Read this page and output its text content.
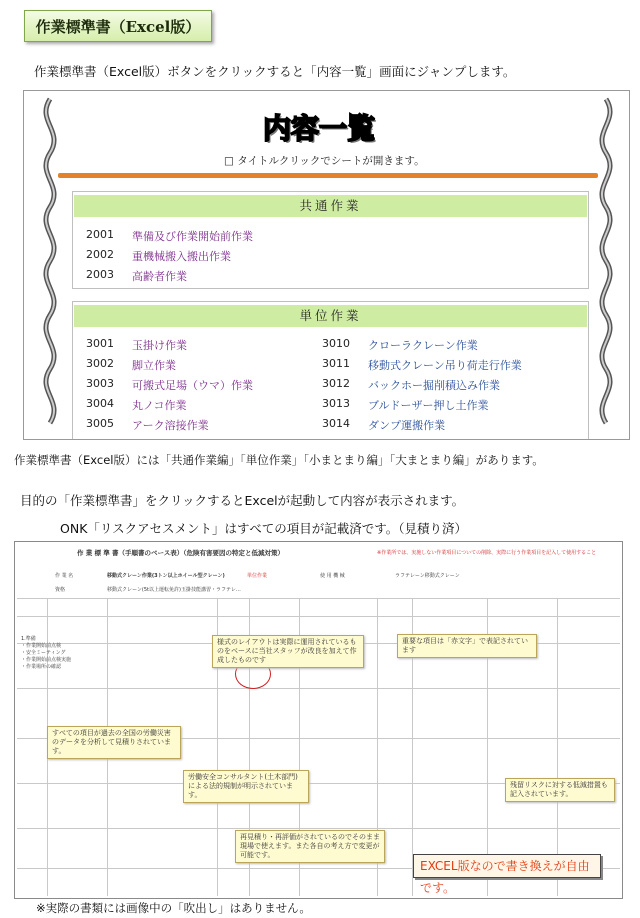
作業標準書（Excel版）
作業標準書（Excel版）ボタンをクリックすると「内容一覧」画面にジャンプします。
内容一覧
□ タイトルクリックでシートが開きます。
共通作業
2001	準備及び作業開始前作業
2002	重機械搬入搬出作業
2003	高齢者作業
単位作業
3001	玉掛け作業
3002	脚立作業
3003	可搬式足場（ウマ）作業
3004	丸ノコ作業
3005	アーク溶接作業
3010	クローラクレーン作業
3011	移動式クレーン吊り荷走行作業
3012	バックホー掘削積込み作業
3013	ブルドーザー押し土作業
3014	ダンプ運搬作業
作業標準書（Excel版）には「共通作業編」「単位作業」「小まとまり編」「大まとまり編」があります。
目的の「作業標準書」をクリックするとExcelが起動して内容が表示されます。
ONK「リスクアセスメント」はすべての項目が記載済です。（見積り済）
作 業 標 準 書（手順書のベース表）（危険有害要因の特定と低減対策）	※作業所では、実施しない作業項目についての削除、実際に行う作業項目を記入して使用すること
作 業 名	移動式クレーン作業(3トン以上ホイール型クレーン)	単位作業	使 用 機 械	ラフテレーン移動式クレーン
資格	移動式クレーン(5t以上運転免許)玉掛技能講習・ラフテレ…
1.準備
・作業開始前点検
・安全ミーティング
・作業開始前点検実施
・作業場所の確認
様式のレイアウトは実際に運用されているものをベースに当社スタッフが改良を加えて作成したものです
重要な項目は「赤文字」で表記されています
すべての項目が過去の全国の労働災害のデータを分析して見積りされています。
労働安全コンサルタント(土木部門)による法的規制が明示されています。
残留リスクに対する低減措置も記入されています。
再見積り・再評価がされているのでそのまま現場で使えます。また各自の考え方で変更が可能です。
EXCEL版なので書き換えが自由です。
※実際の書類には画像中の「吹出し」はありません。
